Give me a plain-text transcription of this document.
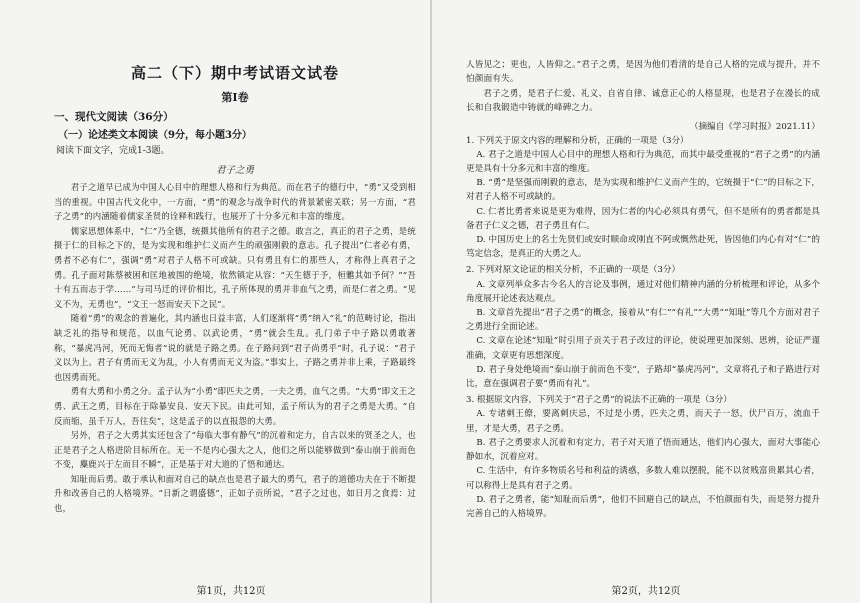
高二（下）期中考试语文试卷
第Ⅰ卷
一、现代文阅读（36分）
（一）论述类文本阅读（9分，每小题3分）
阅读下面文字，完成1-3题。
君子之勇

君子之道早已成为中国人心目中的理想人格和行为典范。而在君子的德行中，“勇”又受到相当的重视。中国古代文化中，一方面，“勇”的观念与战争时代的背景紧密关联；另一方面，“君子之勇”的内涵随着儒家圣贤的诠释和践行，也展开了十分多元和丰富的维度。

儒家思想体系中，“仁”乃全德，统摄其他所有的君子之德。敢言之，真正的君子之勇，是统摄于仁的目标之下的，是为实现和维护仁义而产生的顽强刚毅的意志。孔子提出“仁者必有勇，勇者不必有仁”，强调“勇”对君子人格不可或缺。只有勇且有仁的那些人，才称得上真君子之勇。孔子面对陈蔡被困和匡地被围的绝境，依然镇定从容：“天生德于予，桓魋其如予何？”“吾十有五而志于学……”与司马迁的评价相比，孔子所体现的勇并非血气之勇，而是仁者之勇。“见义不为，无勇也”，“文王一怒而安天下之民”。

随着“勇”的观念的普遍化，其内涵也日益丰富，人们逐渐将“勇”纳入“礼”的范畴讨论，指出缺乏礼的指导和规范，以血气论勇、以武论勇，“勇”就会生乱。孔门弟子中子路以勇敢著称，“暴虎冯河，死而无悔者”说的就是子路之勇。在子路问到“君子尚勇乎”时，孔子说：“君子义以为上。君子有勇而无义为乱，小人有勇而无义为盗。”事实上，子路之勇并非上乘，子路最终也因勇而死。

勇有大勇和小勇之分。孟子认为“小勇”即匹夫之勇，一夫之勇，血气之勇。“大勇”即文王之勇、武王之勇，目标在于除暴安良、安天下民。由此可知，孟子所认为的君子之勇是大勇。“自反而缩，虽千万人，吾往矣”，这是孟子的以直报怨的大勇。

另外，君子之大勇其实还包含了“每临大事有静气”的沉着和定力，自古以来的贤圣之人，也正是君子之人格进阶目标所在。无一不是内心强大之人，他们之所以能够做到“泰山崩于前而色不变，麋鹿兴于左而目不瞬”，正是基于对大道的了悟和通达。

知耻而后勇。敢于承认和面对自己的缺点也是君子最大的勇气，君子的道德功夫在于不断提升和改善自己的人格境界。“日新之谓盛德”，正如子贡所说，“君子之过也，如日月之食焉：过也，

第1页，共12页

人皆见之；更也，人皆仰之。”君子之勇，是因为他们看清的是自己人格的完成与提升，并不怕颜面有失。

君子之勇，是君子仁爱、礼义、自省自律、诚意正心的人格显现，也是君子在漫长的成长和自我锻造中铸就的峰碑之力。

（摘编自《学习时报》2021.11）

1. 下列关于原文内容的理解和分析，正确的一项是（3分）

A. 君子之道是中国人心目中的理想人格和行为典范，而其中最受重视的“君子之勇”的内涵更是具有十分多元和丰富的维度。

B. “勇”是坚强而刚毅的意志，是为实现和维护仁义而产生的，它统摄于“仁”的目标之下，对君子人格不可或缺的。

C. 仁者比勇者来说是更为难得，因为仁者的内心必须具有勇气，但不是所有的勇者都是具备君子仁义之德，君子勇且有仁。

D. 中国历史上的名士先贤们或安时顺命或刚直不阿或慨然赴死，皆因他们内心有对“仁”的笃定信念，是真正的大勇之人。

2. 下列对原文论证的相关分析，不正确的一项是（3分）

A. 文章列举众多古今名人的言论及事例，通过对他们精神内涵的分析梳理和评论，从多个角度展开论述表达观点。

B. 文章首先提出“君子之勇”的概念，接着从“有仁”“有礼”“大勇”“知耻”等几个方面对君子之勇进行全面论述。

C. 文章在论述“知耻”时引用子贡关于君子改过的评论，使说理更加深刻、思辨，论证严谨准确，文章更有思想深度。

D. 君子身处绝境而“泰山崩于前而色不变”，子路却“暴虎冯河”，文章将孔子和子路进行对比，意在强调君子要“勇而有礼”。

3. 根据原文内容，下列关于“君子之勇”的说法不正确的一项是（3分）

A. 专诸刺王僚，要离刺庆忌，不过是小勇，匹夫之勇，而天子一怒，伏尸百万，流血千里，才是大勇，君子之勇。

B. 君子之勇要求人沉着和有定力，君子对天道了悟而通达，他们内心强大，面对大事能心静如水，沉着应对。

C. 生活中，有许多物质名号和利益的诱惑，多数人难以摆脱，能不以贫贱富贵累其心者，可以称得上是具有君子之勇。

D. 君子之勇者，能“知耻而后勇”，他们不回避自己的缺点，不怕颜面有失，而是努力提升完善自己的人格境界。

第2页，共12页
